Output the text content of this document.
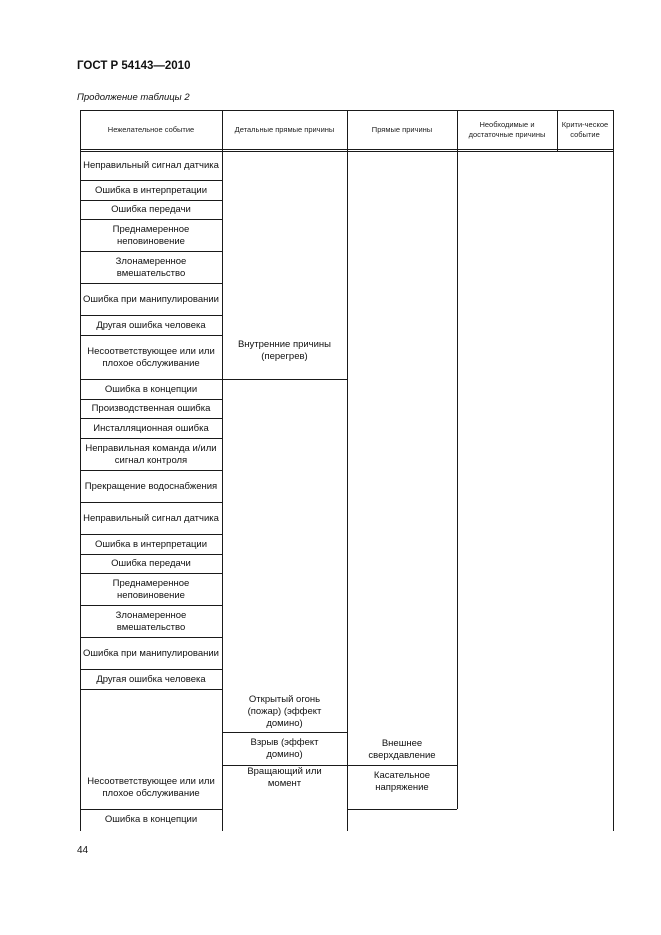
ГОСТ Р 54143—2010
Продолжение таблицы 2
Нежелательное событие	Детальные прямые причины	Прямые причины
Необходимые и достаточные причины
Крити-ческое событие
Неправильный сигнал датчика
Ошибка в интерпретации
Ошибка передачи
Преднамеренное неповиновение
Злонамеренное вмешательство
Ошибка при манипулировании
Другая ошибка человека
Несоответствующее или или плохое обслуживание
Ошибка в концепции
Производственная ошибка
Инсталляционная ошибка
Неправильная команда и/или сигнал контроля
Прекращение водоснабжения
Неправильный сигнал датчика
Ошибка в интерпретации
Ошибка передачи
Преднамеренное неповиновение
Злонамеренное вмешательство
Ошибка при манипулировании
Другая ошибка человека
Несоответствующее или или плохое обслуживание
Ошибка в концепции
Внутренние причины (перегрев)
Открытый огонь (пожар) (эффект домино)
Взрыв (эффект домино)
Вращающий или момент
Внешнее сверхдавление
Касательное напряжение
44
